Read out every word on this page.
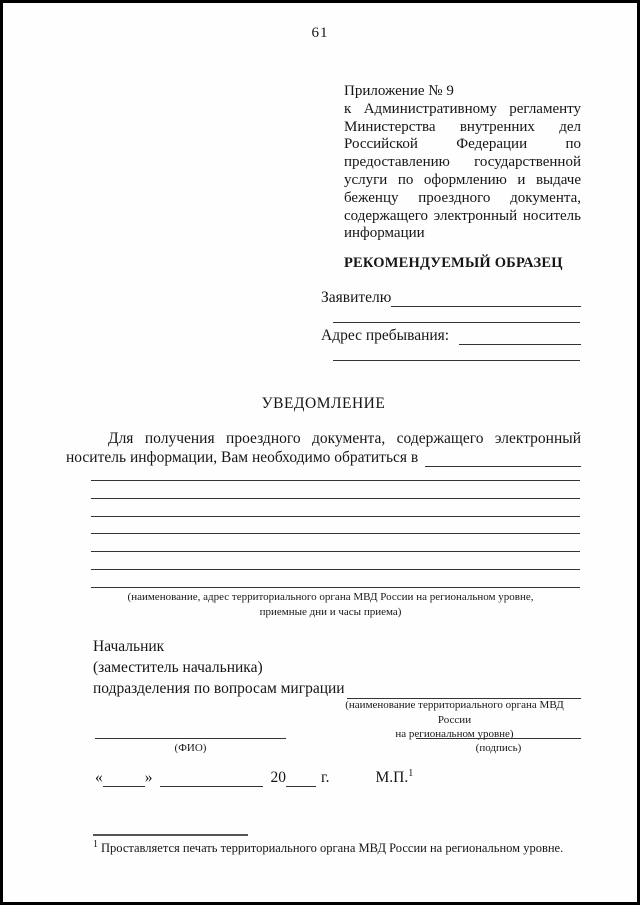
61
Приложение № 9
к Административному регламенту
Министерства внутренних дел
Российской Федерации по
предоставлению государственной
услуги по оформлению и выдаче
беженцу проездного документа,
содержащего электронный носитель
информации
РЕКОМЕНДУЕМЫЙ ОБРАЗЕЦ
Заявителю
Адрес пребывания:
УВЕДОМЛЕНИЕ
Для получения проездного документа, содержащего электронный
носитель информации, Вам необходимо обратиться в
(наименование, адрес территориального органа МВД России на региональном уровне,
приемные дни и часы приема)
Начальник
(заместитель начальника)
подразделения по вопросам миграции
(наименование территориального органа МВД России
на региональном уровне)
(ФИО)	(подпись)
«	»	20 г.	М.П.$^1$
$^1$ Проставляется печать территориального органа МВД России на региональном уровне.
